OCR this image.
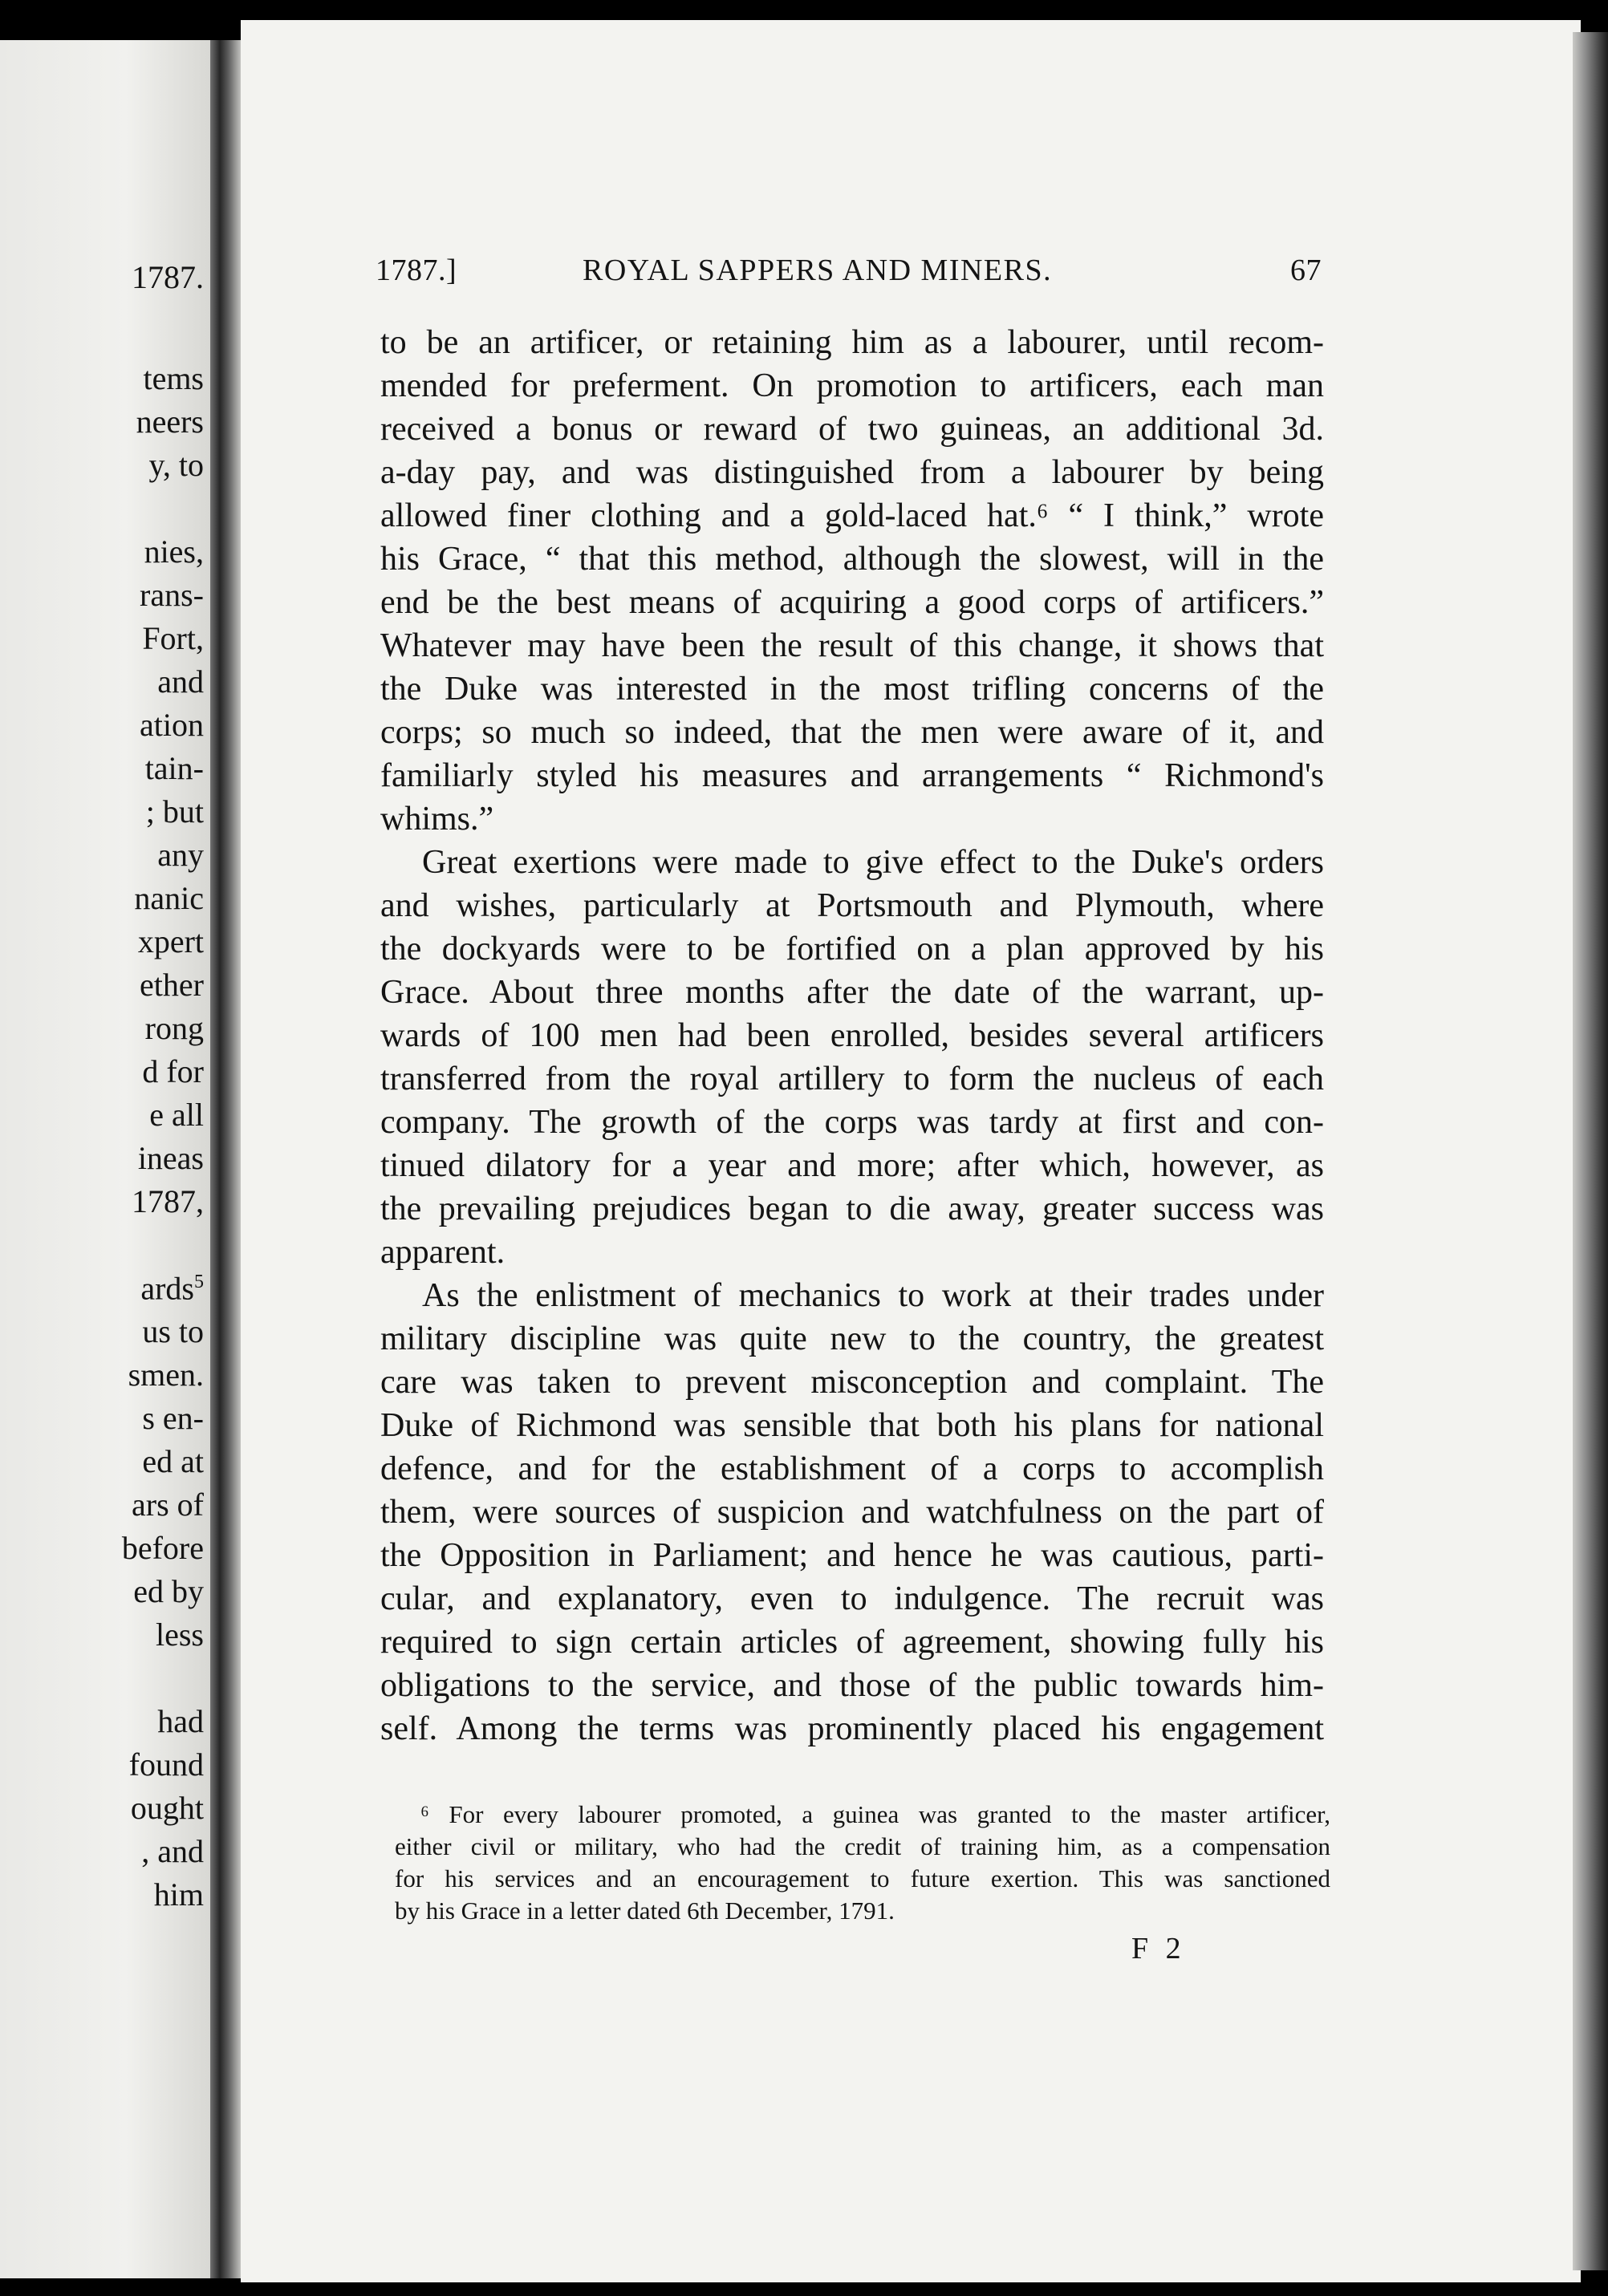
1787.
tems
neers
y, to
nies,
rans-
Fort,
and
ation
tain-
; but
any
nanic
xpert
ether
rong
d for
e all
ineas
1787,
ards$^5$
us to
smen.
s en-
ed at
ars of
before
ed by
less
had
found
ought
, and
him
1787.]	ROYAL SAPPERS AND MINERS.	67
to be an artificer, or retaining him as a labourer, until recom-
mended for preferment. On promotion to artificers, each man
received a bonus or reward of two guineas, an additional 3d.
a-day pay, and was distinguished from a labourer by being
allowed finer clothing and a gold-laced hat.⁶ “ I think,” wrote
his Grace, “ that this method, although the slowest, will in the
end be the best means of acquiring a good corps of artificers.”
Whatever may have been the result of this change, it shows that
the Duke was interested in the most trifling concerns of the
corps; so much so indeed, that the men were aware of it, and
familiarly styled his measures and arrangements “ Richmond's
whims.”
Great exertions were made to give effect to the Duke's orders
and wishes, particularly at Portsmouth and Plymouth, where
the dockyards were to be fortified on a plan approved by his
Grace. About three months after the date of the warrant, up-
wards of 100 men had been enrolled, besides several artificers
transferred from the royal artillery to form the nucleus of each
company. The growth of the corps was tardy at first and con-
tinued dilatory for a year and more; after which, however, as
the prevailing prejudices began to die away, greater success was
apparent.
As the enlistment of mechanics to work at their trades under
military discipline was quite new to the country, the greatest
care was taken to prevent misconception and complaint. The
Duke of Richmond was sensible that both his plans for national
defence, and for the establishment of a corps to accomplish
them, were sources of suspicion and watchfulness on the part of
the Opposition in Parliament; and hence he was cautious, parti-
cular, and explanatory, even to indulgence. The recruit was
required to sign certain articles of agreement, showing fully his
obligations to the service, and those of the public towards him-
self. Among the terms was prominently placed his engagement
⁶ For every labourer promoted, a guinea was granted to the master artificer,
either civil or military, who had the credit of training him, as a compensation
for his services and an encouragement to future exertion. This was sanctioned
by his Grace in a letter dated 6th December, 1791.
F 2
